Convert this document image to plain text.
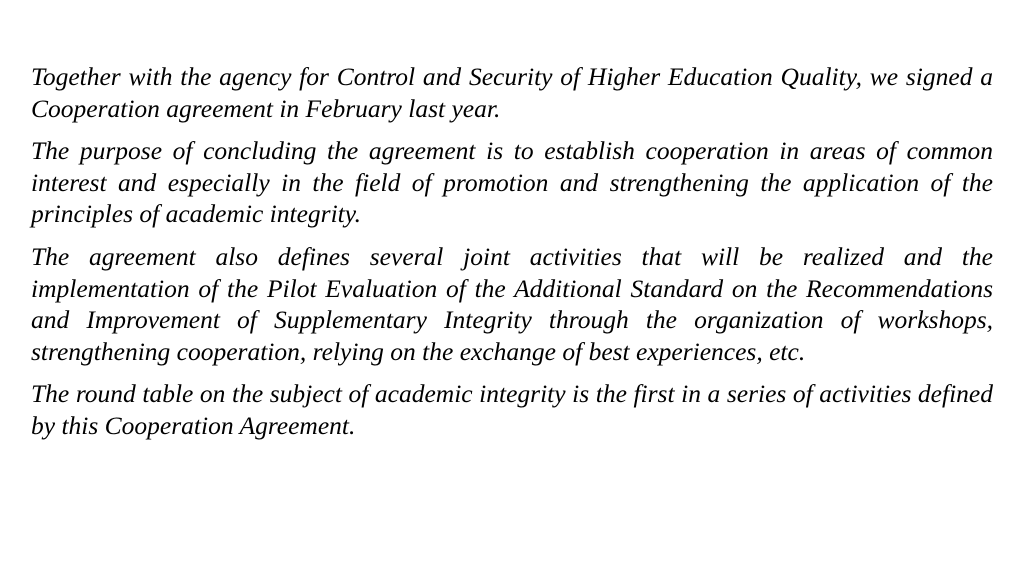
Together with the agency for Control and Security of Higher Education Quality, we signed a Cooperation agreement in February last year.

The purpose of concluding the agreement is to establish cooperation in areas of common interest and especially in the field of promotion and strengthening the application of the principles of academic integrity.

The agreement also defines several joint activities that will be realized and the implementation of the Pilot Evaluation of the Additional Standard on the Recommendations and Improvement of Supplementary Integrity through the organization of workshops, strengthening cooperation, relying on the exchange of best experiences, etc.

The round table on the subject of academic integrity is the first in a series of activities defined by this Cooperation Agreement.
